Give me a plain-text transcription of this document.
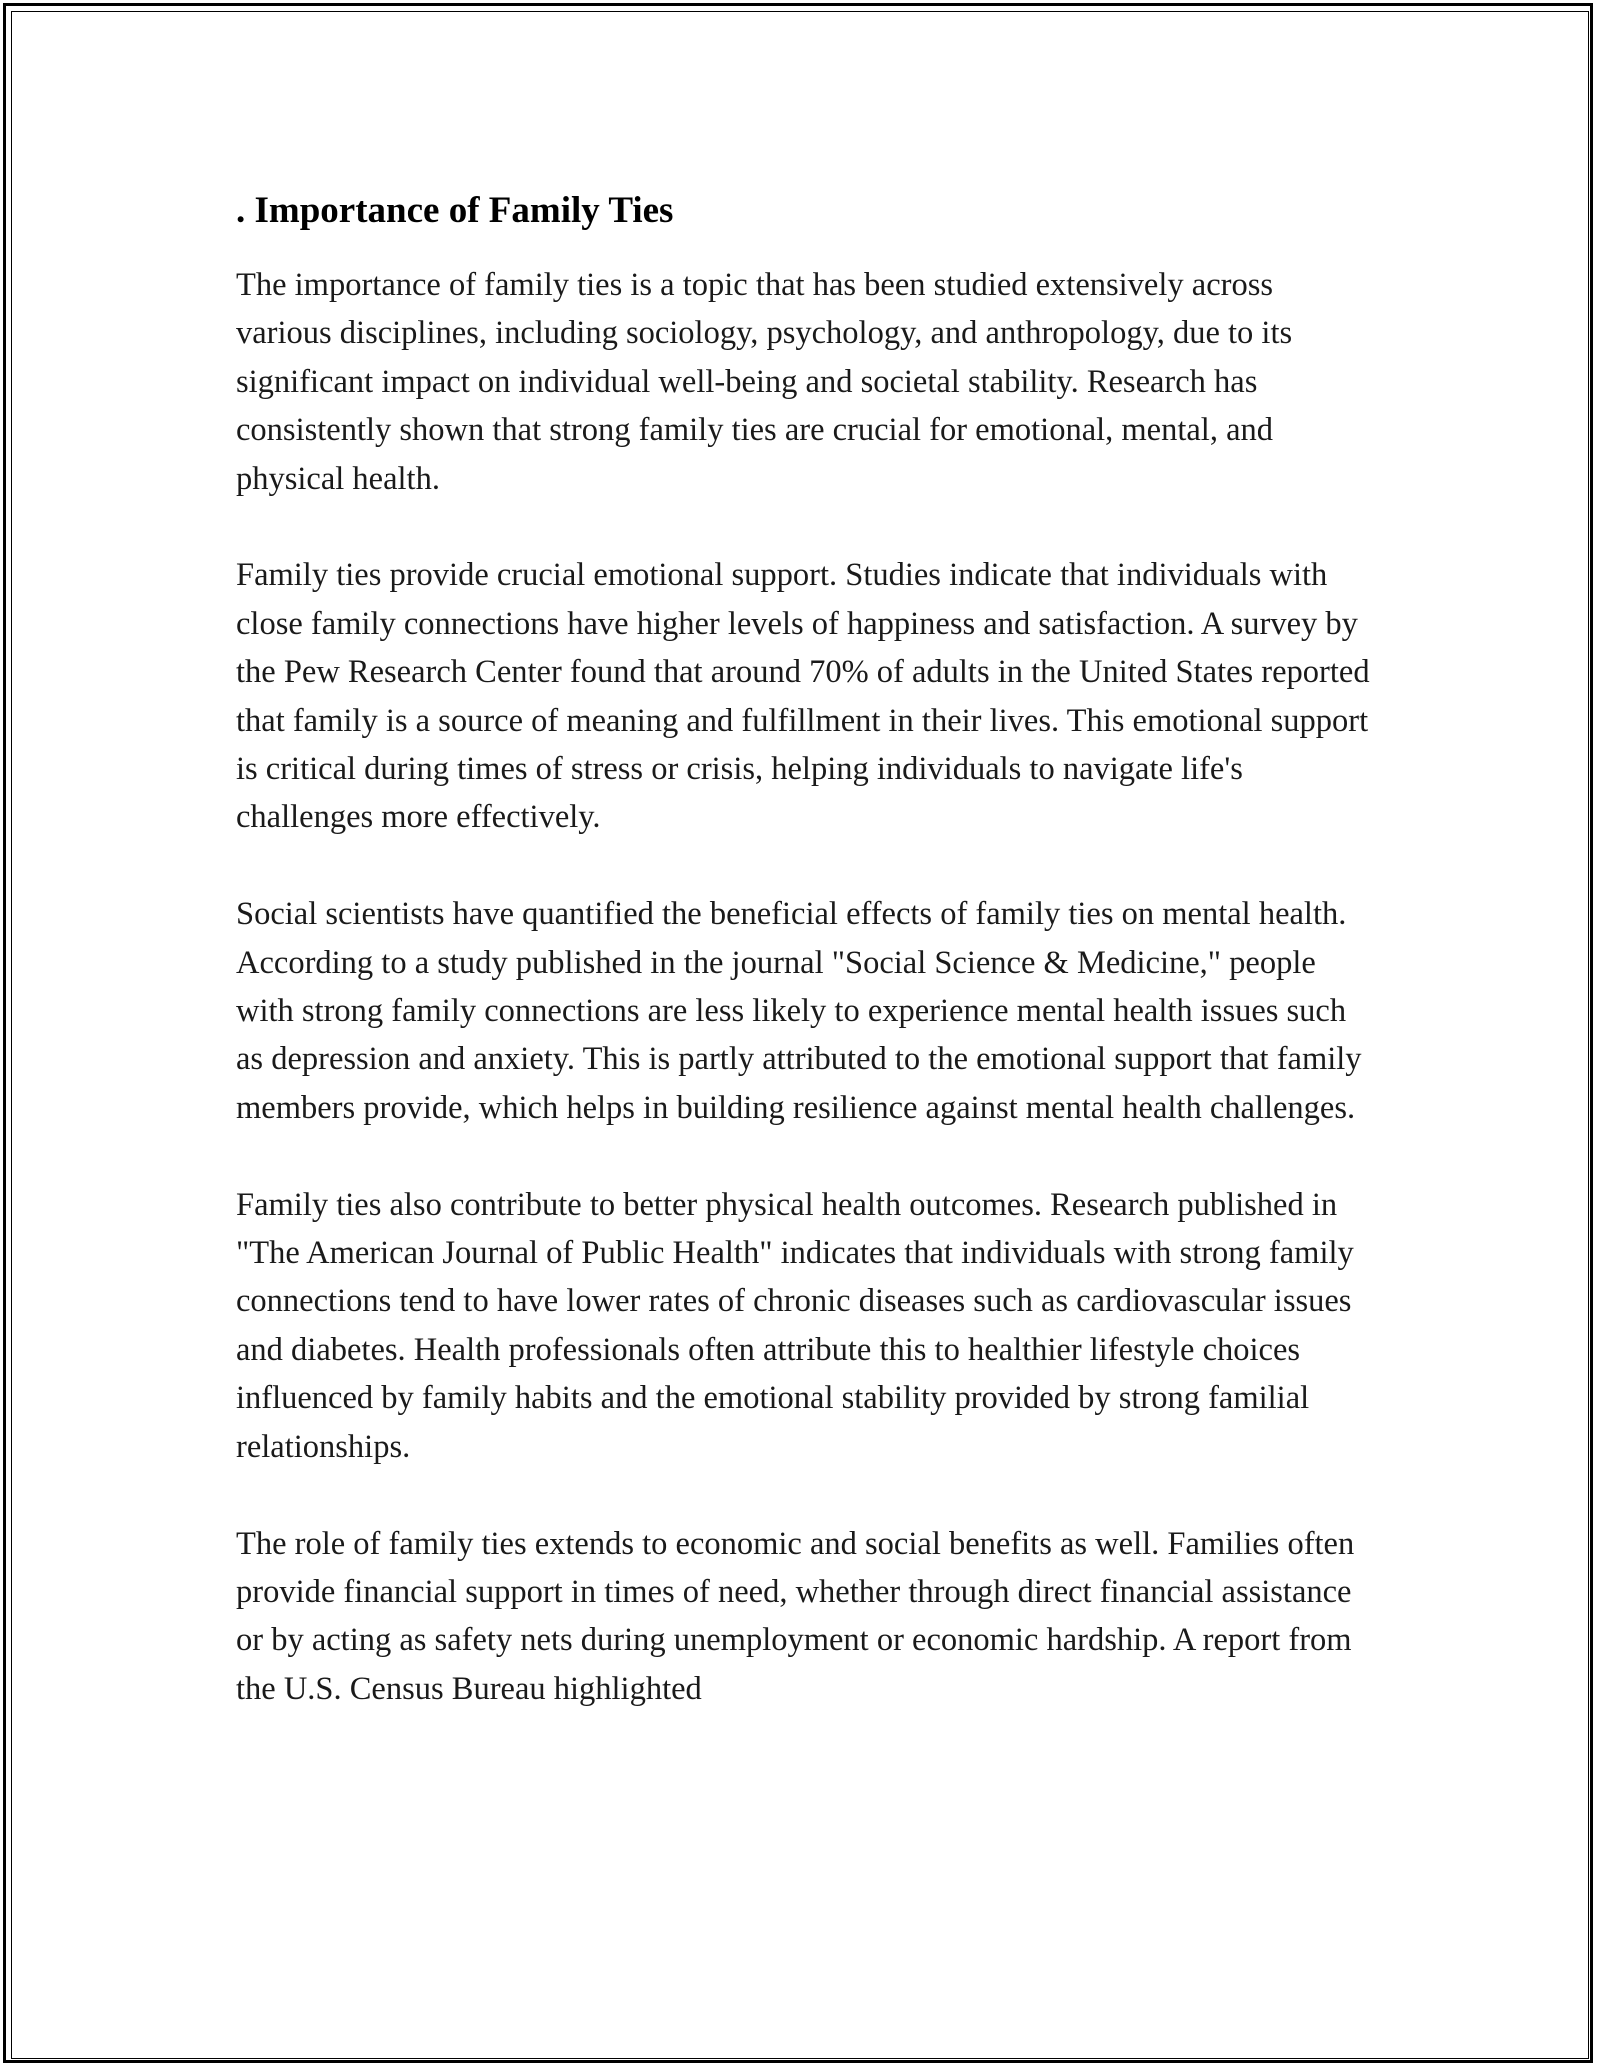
. Importance of Family Ties

The importance of family ties is a topic that has been studied extensively across various disciplines, including sociology, psychology, and anthropology, due to its significant impact on individual well-being and societal stability. Research has consistently shown that strong family ties are crucial for emotional, mental, and physical health.

Family ties provide crucial emotional support. Studies indicate that individuals with close family connections have higher levels of happiness and satisfaction. A survey by the Pew Research Center found that around 70% of adults in the United States reported that family is a source of meaning and fulfillment in their lives. This emotional support is critical during times of stress or crisis, helping individuals to navigate life's challenges more effectively.

Social scientists have quantified the beneficial effects of family ties on mental health. According to a study published in the journal "Social Science & Medicine," people with strong family connections are less likely to experience mental health issues such as depression and anxiety. This is partly attributed to the emotional support that family members provide, which helps in building resilience against mental health challenges.

Family ties also contribute to better physical health outcomes. Research published in "The American Journal of Public Health" indicates that individuals with strong family connections tend to have lower rates of chronic diseases such as cardiovascular issues and diabetes. Health professionals often attribute this to healthier lifestyle choices influenced by family habits and the emotional stability provided by strong familial relationships.

The role of family ties extends to economic and social benefits as well. Families often provide financial support in times of need, whether through direct financial assistance or by acting as safety nets during unemployment or economic hardship. A report from the U.S. Census Bureau highlighted
